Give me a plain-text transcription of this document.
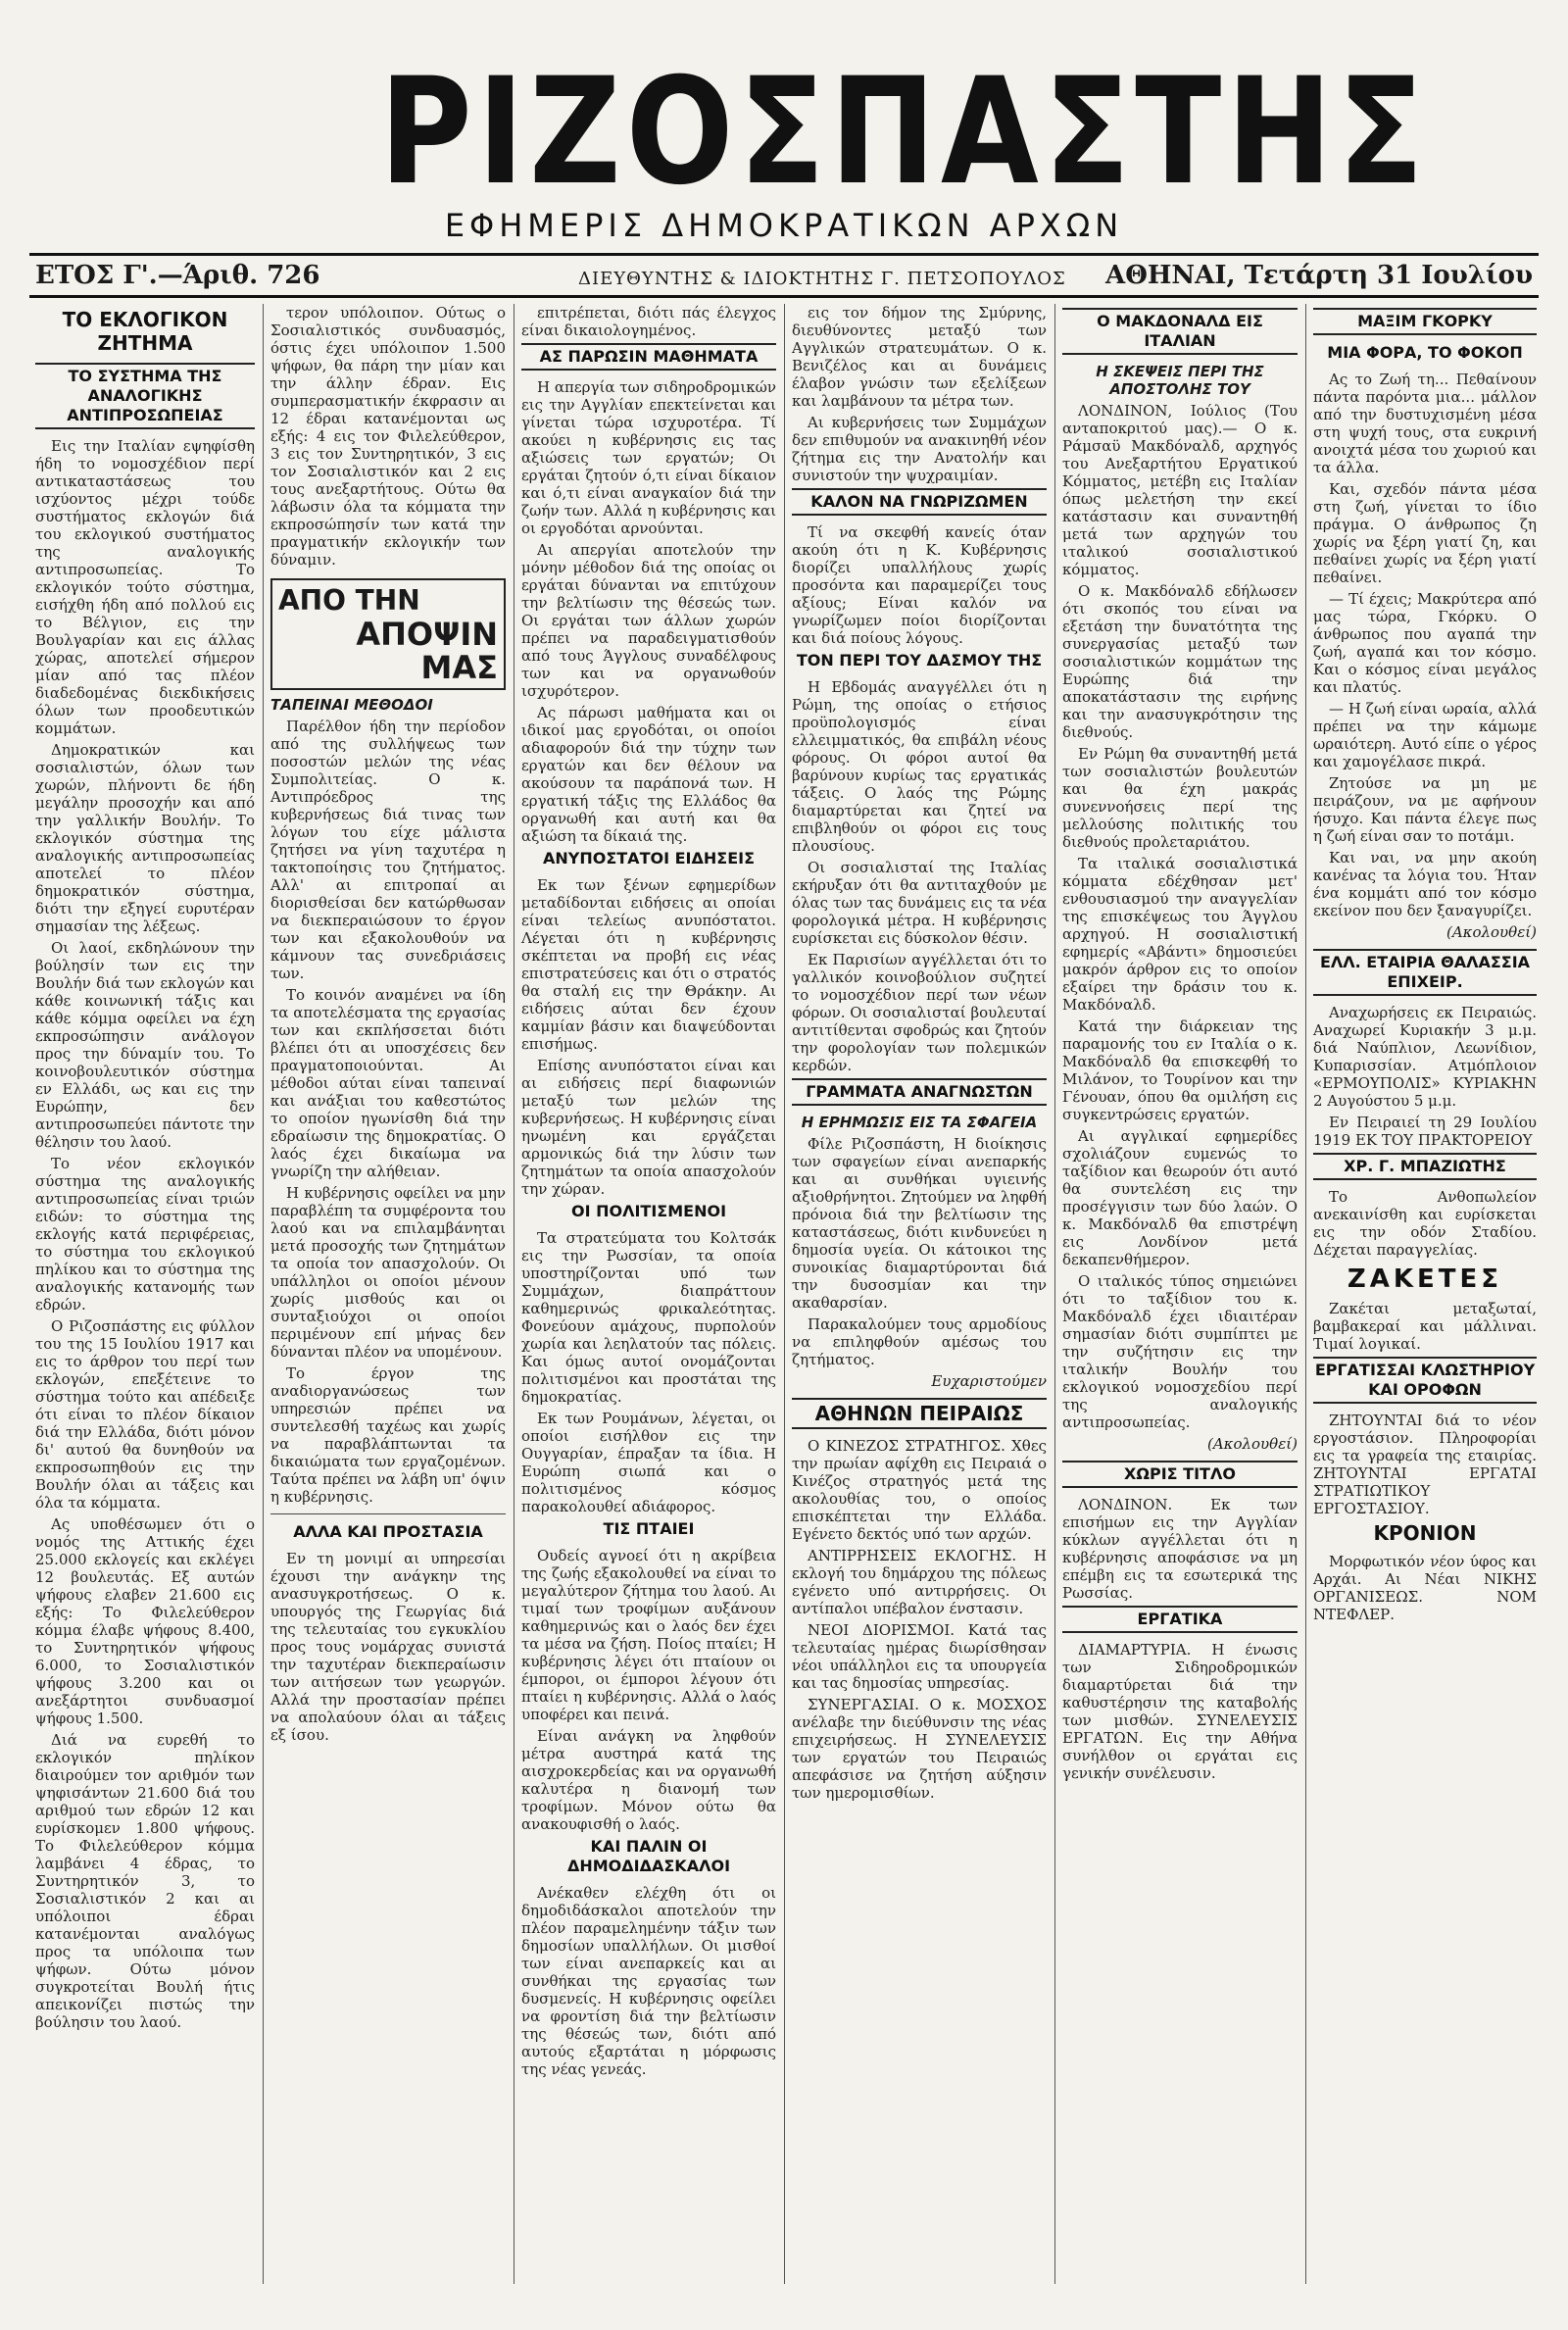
ΡΙΖΟΣΠΑΣΤΗΣ
ΕΦΗΜΕΡΙΣ ΔΗΜΟΚΡΑΤΙΚΩΝ ΑΡΧΩΝ
ΕΤΟΣ Γ'.—Άριθ. 726	ΔΙΕΥΘΥΝΤΗΣ & ΙΔΙΟΚΤΗΤΗΣ Γ. ΠΕΤΣΟΠΟΥΛΟΣ ΑΘΗΝΑΙ, Τετάρτη 31 Ιουλίου
ΤΟ ΕΚΛΟΓΙΚΟΝ ΖΗΤΗΜΑ
ΤΟ ΣΥΣΤΗΜΑ ΤΗΣ ΑΝΑΛΟΓΙΚΗΣ ΑΝΤΙΠΡΟΣΩΠΕΙΑΣ

Εις την Ιταλίαν εψηφίσθη ήδη το νομοσχέδιον περί αντικαταστάσεως του ισχύοντος μέχρι τούδε συστήματος εκλογών διά του εκλογικού συστήματος της αναλογικής αντιπροσωπείας. Το εκλογικόν τούτο σύστημα, εισήχθη ήδη από πολλού εις το Βέλγιον, εις την Βουλγαρίαν και εις άλλας χώρας, αποτελεί σήμερον μίαν από τας πλέον διαδεδομένας διεκδικήσεις όλων των προοδευτικών κομμάτων.

Δημοκρατικών και σοσιαλιστών, όλων των χωρών, πλήνοντι δε ήδη μεγάλην προσοχήν και από την γαλλικήν Βουλήν. Το εκλογικόν σύστημα της αναλογικής αντιπροσωπείας αποτελεί το πλέον δημοκρατικόν σύστημα, διότι την εξηγεί ευρυτέραν σημασίαν της λέξεως.

Οι λαοί, εκδηλώνουν την βούλησίν των εις την Βουλήν διά των εκλογών και κάθε κοινωνική τάξις και κάθε κόμμα οφείλει να έχη εκπροσώπησιν ανάλογον προς την δύναμίν του. Το κοινοβουλευτικόν σύστημα εν Ελλάδι, ως και εις την Ευρώπην, δεν αντιπροσωπεύει πάντοτε την θέλησιν του λαού.

Το νέον εκλογικόν σύστημα της αναλογικής αντιπροσωπείας είναι τριών ειδών: το σύστημα της εκλογής κατά περιφέρειας, το σύστημα του εκλογικού πηλίκου και το σύστημα της αναλογικής κατανομής των εδρών.

Ο Ριζοσπάστης εις φύλλον του της 15 Ιουλίου 1917 και εις το άρθρον του περί των εκλογών, επεξέτεινε το σύστημα τούτο και απέδειξε ότι είναι το πλέον δίκαιον διά την Ελλάδα, διότι μόνον δι' αυτού θα δυνηθούν να εκπροσωπηθούν εις την Βουλήν όλαι αι τάξεις και όλα τα κόμματα.

Ας υποθέσωμεν ότι ο νομός της Αττικής έχει 25.000 εκλογείς και εκλέγει 12 βουλευτάς. Εξ αυτών ψήφους ελαβεν 21.600 εις εξής: Το Φιλελεύθερον κόμμα έλαβε ψήφους 8.400, το Συντηρητικόν ψήφους 6.000, το Σοσιαλιστικόν ψήφους 3.200 και οι ανεξάρτητοι συνδυασμοί ψήφους 1.500.

Διά να ευρεθή το εκλογικόν πηλίκον διαιρούμεν τον αριθμόν των ψηφισάντων 21.600 διά του αριθμού των εδρών 12 και ευρίσκομεν 1.800 ψήφους. Το Φιλελεύθερον κόμμα λαμβάνει 4 έδρας, το Συντηρητικόν 3, το Σοσιαλιστικόν 2 και αι υπόλοιποι έδραι κατανέμονται αναλόγως προς τα υπόλοιπα των ψήφων. Ούτω μόνον συγκροτείται Βουλή ήτις απεικονίζει πιστώς την βούλησιν του λαού.

τερον υπόλοιπον. Ούτως ο Σοσιαλιστικός συνδυασμός, όστις έχει υπόλοιπον 1.500 ψήφων, θα πάρη την μίαν και την άλλην έδραν. Εις συμπερασματικήν έκφρασιν αι 12 έδραι κατανέμονται ως εξής: 4 εις τον Φιλελεύθερον, 3 εις τον Συντηρητικόν, 3 εις τον Σοσιαλιστικόν και 2 εις τους ανεξαρτήτους. Ούτω θα λάβωσιν όλα τα κόμματα την εκπροσώπησίν των κατά την πραγματικήν εκλογικήν των δύναμιν.

ΑΠΟ ΤΗΝ
ΑΠΟΨΙΝ ΜΑΣ
ΤΑΠΕΙΝΑΙ ΜΕΘΟΔΟΙ

Παρέλθον ήδη την περίοδον από της συλλήψεως των ποσοστών μελών της νέας Συμπολιτείας. Ο κ. Αντιπρόεδρος της κυβερνήσεως διά τινας των λόγων του είχε μάλιστα ζητήσει να γίνη ταχυτέρα η τακτοποίησις του ζητήματος. Αλλ' αι επιτροπαί αι διορισθείσαι δεν κατώρθωσαν να διεκπεραιώσουν το έργον των και εξακολουθούν να κάμνουν τας συνεδριάσεις των.

Το κοινόν αναμένει να ίδη τα αποτελέσματα της εργασίας των και εκπλήσσεται διότι βλέπει ότι αι υποσχέσεις δεν πραγματοποιούνται. Αι μέθοδοι αύται είναι ταπειναί και ανάξιαι του καθεστώτος το οποίον ηγωνίσθη διά την εδραίωσιν της δημοκρατίας. Ο λαός έχει δικαίωμα να γνωρίζη την αλήθειαν.

Η κυβέρνησις οφείλει να μην παραβλέπη τα συμφέροντα του λαού και να επιλαμβάνηται μετά προσοχής των ζητημάτων τα οποία τον απασχολούν. Οι υπάλληλοι οι οποίοι μένουν χωρίς μισθούς και οι συνταξιούχοι οι οποίοι περιμένουν επί μήνας δεν δύνανται πλέον να υπομένουν.

Το έργον της αναδιοργανώσεως των υπηρεσιών πρέπει να συντελεσθή ταχέως και χωρίς να παραβλάπτωνται τα δικαιώματα των εργαζομένων. Ταύτα πρέπει να λάβη υπ' όψιν η κυβέρνησις.

ΑΛΛΑ ΚΑΙ ΠΡΟΣΤΑΣΙΑ

Εν τη μονιμί αι υπηρεσίαι έχουσι την ανάγκην της ανασυγκροτήσεως. Ο κ. υπουργός της Γεωργίας διά της τελευταίας του εγκυκλίου προς τους νομάρχας συνιστά την ταχυτέραν διεκπεραίωσιν των αιτήσεων των γεωργών. Αλλά την προστασίαν πρέπει να απολαύουν όλαι αι τάξεις εξ ίσου.

επιτρέπεται, διότι πάς έλεγχος είναι δικαιολογημένος.

ΑΣ ΠΑΡΩΣΙΝ ΜΑΘΗΜΑΤΑ

Η απεργία των σιδηροδρομικών εις την Αγγλίαν επεκτείνεται και γίνεται τώρα ισχυροτέρα. Τί ακούει η κυβέρνησις εις τας αξιώσεις των εργατών; Οι εργάται ζητούν ό,τι είναι δίκαιον και ό,τι είναι αναγκαίον διά την ζωήν των. Αλλά η κυβέρνησις και οι εργοδόται αρνούνται.

Αι απεργίαι αποτελούν την μόνην μέθοδον διά της οποίας οι εργάται δύνανται να επιτύχουν την βελτίωσιν της θέσεώς των. Οι εργάται των άλλων χωρών πρέπει να παραδειγματισθούν από τους Άγγλους συναδέλφους των και να οργανωθούν ισχυρότερον.

Ας πάρωσι μαθήματα και οι ιδικοί μας εργοδόται, οι οποίοι αδιαφορούν διά την τύχην των εργατών και δεν θέλουν να ακούσουν τα παράπονά των. Η εργατική τάξις της Ελλάδος θα οργανωθή και αυτή και θα αξιώση τα δίκαιά της.

ΑΝΥΠΟΣΤΑΤΟΙ ΕΙΔΗΣΕΙΣ

Εκ των ξένων εφημερίδων μεταδίδονται ειδήσεις αι οποίαι είναι τελείως ανυπόστατοι. Λέγεται ότι η κυβέρνησις σκέπτεται να προβή εις νέας επιστρατεύσεις και ότι ο στρατός θα σταλή εις την Θράκην. Αι ειδήσεις αύται δεν έχουν καμμίαν βάσιν και διαψεύδονται επισήμως.

Επίσης ανυπόστατοι είναι και αι ειδήσεις περί διαφωνιών μεταξύ των μελών της κυβερνήσεως. Η κυβέρνησις είναι ηνωμένη και εργάζεται αρμονικώς διά την λύσιν των ζητημάτων τα οποία απασχολούν την χώραν.

ΟΙ ΠΟΛΙΤΙΣΜΕΝΟΙ

Τα στρατεύματα του Κολτσάκ εις την Ρωσσίαν, τα οποία υποστηρίζονται υπό των Συμμάχων, διαπράττουν καθημερινώς φρικαλεότητας. Φονεύουν αμάχους, πυρπολούν χωρία και λεηλατούν τας πόλεις. Και όμως αυτοί ονομάζονται πολιτισμένοι και προστάται της δημοκρατίας.

Εκ των Ρουμάνων, λέγεται, οι οποίοι εισήλθον εις την Ουγγαρίαν, έπραξαν τα ίδια. Η Ευρώπη σιωπά και ο πολιτισμένος κόσμος παρακολουθεί αδιάφορος.

ΤΙΣ ΠΤΑΙΕΙ

Ουδείς αγνοεί ότι η ακρίβεια της ζωής εξακολουθεί να είναι το μεγαλύτερον ζήτημα του λαού. Αι τιμαί των τροφίμων αυξάνουν καθημερινώς και ο λαός δεν έχει τα μέσα να ζήση. Ποίος πταίει; Η κυβέρνησις λέγει ότι πταίουν οι έμποροι, οι έμποροι λέγουν ότι πταίει η κυβέρνησις. Αλλά ο λαός υποφέρει και πεινά.

Είναι ανάγκη να ληφθούν μέτρα αυστηρά κατά της αισχροκερδείας και να οργανωθή καλυτέρα η διανομή των τροφίμων. Μόνον ούτω θα ανακουφισθή ο λαός.

ΚΑΙ ΠΑΛΙΝ ΟΙ ΔΗΜΟΔΙΔΑΣΚΑΛΟΙ

Ανέκαθεν ελέχθη ότι οι δημοδιδάσκαλοι αποτελούν την πλέον παραμελημένην τάξιν των δημοσίων υπαλλήλων. Οι μισθοί των είναι ανεπαρκείς και αι συνθήκαι της εργασίας των δυσμενείς. Η κυβέρνησις οφείλει να φροντίση διά την βελτίωσιν της θέσεώς των, διότι από αυτούς εξαρτάται η μόρφωσις της νέας γενεάς.

εις τον δήμον της Σμύρνης, διευθύνοντες μεταξύ των Αγγλικών στρατευμάτων. Ο κ. Βενιζέλος και αι δυνάμεις έλαβον γνώσιν των εξελίξεων και λαμβάνουν τα μέτρα των.

Αι κυβερνήσεις των Συμμάχων δεν επιθυμούν να ανακινηθή νέον ζήτημα εις την Ανατολήν και συνιστούν την ψυχραιμίαν.

ΚΑΛΟΝ ΝΑ ΓΝΩΡΙΖΩΜΕΝ

Τί να σκεφθή κανείς όταν ακούη ότι η Κ. Κυβέρνησις διορίζει υπαλλήλους χωρίς προσόντα και παραμερίζει τους αξίους; Είναι καλόν να γνωρίζωμεν ποίοι διορίζονται και διά ποίους λόγους.

ΤΟΝ ΠΕΡΙ ΤΟΥ ΔΑΣΜΟΥ ΤΗΣ

Η Εβδομάς αναγγέλλει ότι η Ρώμη, της οποίας ο ετήσιος προϋπολογισμός είναι ελλειμματικός, θα επιβάλη νέους φόρους. Οι φόροι αυτοί θα βαρύνουν κυρίως τας εργατικάς τάξεις. Ο λαός της Ρώμης διαμαρτύρεται και ζητεί να επιβληθούν οι φόροι εις τους πλουσίους.

Οι σοσιαλισταί της Ιταλίας εκήρυξαν ότι θα αντιταχθούν με όλας των τας δυνάμεις εις τα νέα φορολογικά μέτρα. Η κυβέρνησις ευρίσκεται εις δύσκολον θέσιν.

Εκ Παρισίων αγγέλλεται ότι το γαλλικόν κοινοβούλιον συζητεί το νομοσχέδιον περί των νέων φόρων. Οι σοσιαλισταί βουλευταί αντιτίθενται σφοδρώς και ζητούν την φορολογίαν των πολεμικών κερδών.

ΓΡΑΜΜΑΤΑ ΑΝΑΓΝΩΣΤΩΝ
Η ΕΡΗΜΩΣΙΣ ΕΙΣ ΤΑ ΣΦΑΓΕΙΑ

Φίλε Ριζοσπάστη, Η διοίκησις των σφαγείων είναι ανεπαρκής και αι συνθήκαι υγιεινής αξιοθρήνητοι. Ζητούμεν να ληφθή πρόνοια διά την βελτίωσιν της καταστάσεως, διότι κινδυνεύει η δημοσία υγεία. Οι κάτοικοι της συνοικίας διαμαρτύρονται διά την δυσοσμίαν και την ακαθαρσίαν.

Παρακαλούμεν τους αρμοδίους να επιληφθούν αμέσως του ζητήματος.

Ευχαριστούμεν
ΑΘΗΝΩΝ ΠΕΙΡΑΙΩΣ

Ο ΚΙΝΕΖΟΣ ΣΤΡΑΤΗΓΟΣ. Χθες την πρωίαν αφίχθη εις Πειραιά ο Κινέζος στρατηγός μετά της ακολουθίας του, ο οποίος επισκέπτεται την Ελλάδα. Εγένετο δεκτός υπό των αρχών.

ΑΝΤΙΡΡΗΣΕΙΣ ΕΚΛΟΓΗΣ. Η εκλογή του δημάρχου της πόλεως εγένετο υπό αντιρρήσεις. Οι αντίπαλοι υπέβαλον ένστασιν.

ΝΕΟΙ ΔΙΟΡΙΣΜΟΙ. Κατά τας τελευταίας ημέρας διωρίσθησαν νέοι υπάλληλοι εις τα υπουργεία και τας δημοσίας υπηρεσίας.

ΣΥΝΕΡΓΑΣΙΑΙ. Ο κ. ΜΟΣΧΟΣ ανέλαβε την διεύθυνσιν της νέας επιχειρήσεως. Η ΣΥΝΕΛΕΥΣΙΣ των εργατών του Πειραιώς απεφάσισε να ζητήση αύξησιν των ημερομισθίων.

Ο ΜΑΚΔΟΝΑΛΔ ΕΙΣ ΙΤΑΛΙΑΝ
Η ΣΚΕΨΕΙΣ ΠΕΡΙ ΤΗΣ ΑΠΟΣΤΟΛΗΣ ΤΟΥ

ΛΟΝΔΙΝΟΝ, Ιούλιος (Του ανταποκριτού μας).— Ο κ. Ράμσαϋ Μακδόναλδ, αρχηγός του Ανεξαρτήτου Εργατικού Κόμματος, μετέβη εις Ιταλίαν όπως μελετήση την εκεί κατάστασιν και συναντηθή μετά των αρχηγών του ιταλικού σοσιαλιστικού κόμματος.

Ο κ. Μακδόναλδ εδήλωσεν ότι σκοπός του είναι να εξετάση την δυνατότητα της συνεργασίας μεταξύ των σοσιαλιστικών κομμάτων της Ευρώπης διά την αποκατάστασιν της ειρήνης και την ανασυγκρότησιν της διεθνούς.

Εν Ρώμη θα συναντηθή μετά των σοσιαλιστών βουλευτών και θα έχη μακράς συνεννοήσεις περί της μελλούσης πολιτικής του διεθνούς προλεταριάτου.

Τα ιταλικά σοσιαλιστικά κόμματα εδέχθησαν μετ' ενθουσιασμού την αναγγελίαν της επισκέψεως του Άγγλου αρχηγού. Η σοσιαλιστική εφημερίς «Αβάντι» δημοσιεύει μακρόν άρθρον εις το οποίον εξαίρει την δράσιν του κ. Μακδόναλδ.

Κατά την διάρκειαν της παραμονής του εν Ιταλία ο κ. Μακδόναλδ θα επισκεφθή το Μιλάνον, το Τουρίνον και την Γένουαν, όπου θα ομιλήση εις συγκεντρώσεις εργατών.

Αι αγγλικαί εφημερίδες σχολιάζουν ευμενώς το ταξίδιον και θεωρούν ότι αυτό θα συντελέση εις την προσέγγισιν των δύο λαών. Ο κ. Μακδόναλδ θα επιστρέψη εις Λονδίνον μετά δεκαπενθήμερον.

Ο ιταλικός τύπος σημειώνει ότι το ταξίδιον του κ. Μακδόναλδ έχει ιδιαιτέραν σημασίαν διότι συμπίπτει με την συζήτησιν εις την ιταλικήν Βουλήν του εκλογικού νομοσχεδίου περί της αναλογικής αντιπροσωπείας.

(Ακολουθεί)
ΧΩΡΙΣ ΤΙΤΛΟ

ΛΟΝΔΙΝΟΝ. Εκ των επισήμων εις την Αγγλίαν κύκλων αγγέλλεται ότι η κυβέρνησις αποφάσισε να μη επέμβη εις τα εσωτερικά της Ρωσσίας.

ΕΡΓΑΤΙΚΑ

ΔΙΑΜΑΡΤΥΡΙΑ. Η ένωσις των Σιδηροδρομικών διαμαρτύρεται διά την καθυστέρησιν της καταβολής των μισθών. ΣΥΝΕΛΕΥΣΙΣ ΕΡΓΑΤΩΝ. Εις την Αθήνα συνήλθον οι εργάται εις γενικήν συνέλευσιν.

ΜΑΞΙΜ ΓΚΟΡΚΥ
ΜΙΑ ΦΟΡΑ, ΤΟ ΦΟΚΟΠ

Ας το Ζωή τη... Πεθαίνουν πάντα παρόντα μια... μάλλον από την δυστυχισμένη μέσα στη ψυχή τους, στα ευκρινή ανοιχτά μέσα του χωριού και τα άλλα.

Και, σχεδόν πάντα μέσα στη ζωή, γίνεται το ίδιο πράγμα. Ο άνθρωπος ζη χωρίς να ξέρη γιατί ζη, και πεθαίνει χωρίς να ξέρη γιατί πεθαίνει.

— Τί έχεις; Μακρύτερα από μας τώρα, Γκόρκυ. Ο άνθρωπος που αγαπά την ζωή, αγαπά και τον κόσμο. Και ο κόσμος είναι μεγάλος και πλατύς.

— Η ζωή είναι ωραία, αλλά πρέπει να την κάμωμε ωραιότερη. Αυτό είπε ο γέρος και χαμογέλασε πικρά.

Ζητούσε να μη με πειράζουν, να με αφήνουν ήσυχο. Και πάντα έλεγε πως η ζωή είναι σαν το ποτάμι.

Και ναι, να μην ακούη κανένας τα λόγια του. Ήταν ένα κομμάτι από τον κόσμο εκείνον που δεν ξαναγυρίζει.

(Ακολουθεί)
ΕΛΛ. ΕΤΑΙΡΙΑ ΘΑΛΑΣΣΙΑ ΕΠΙΧΕΙΡ.

Αναχωρήσεις εκ Πειραιώς. Αναχωρεί Κυριακήν 3 μ.μ. διά Ναύπλιον, Λεωνίδιον, Κυπαρισσίαν. Ατμόπλοιον «ΕΡΜΟΥΠΟΛΙΣ» ΚΥΡΙΑΚΗΝ 2 Αυγούστου 5 μ.μ.

Εν Πειραιεί τη 29 Ιουλίου 1919 ΕΚ ΤΟΥ ΠΡΑΚΤΟΡΕΙΟΥ

ΧΡ. Γ. ΜΠΑΖΙΩΤΗΣ

Το Ανθοπωλείον ανεκαινίσθη και ευρίσκεται εις την οδόν Σταδίου. Δέχεται παραγγελίας.

ΖΑΚΕΤΕΣ

Ζακέται μεταξωταί, βαμβακεραί και μάλλιναι. Τιμαί λογικαί.

ΕΡΓΑΤΙΣΣΑΙ ΚΛΩΣΤΗΡΙΟΥ ΚΑΙ ΟΡΟΦΩΝ

ΖΗΤΟΥΝΤΑΙ διά το νέον εργοστάσιον. Πληροφορίαι εις τα γραφεία της εταιρίας. ΖΗΤΟΥΝΤΑΙ ΕΡΓΑΤΑΙ ΣΤΡΑΤΙΩΤΙΚΟΥ ΕΡΓΟΣΤΑΣΙΟΥ.

ΚΡΟΝΙΟΝ

Μορφωτικόν νέον ύφος και Αρχάι. Αι Νέαι ΝΙΚΗΣ ΟΡΓΑΝΙΣΕΩΣ. ΝΟΜ ΝΤΕΦΛΕΡ.
